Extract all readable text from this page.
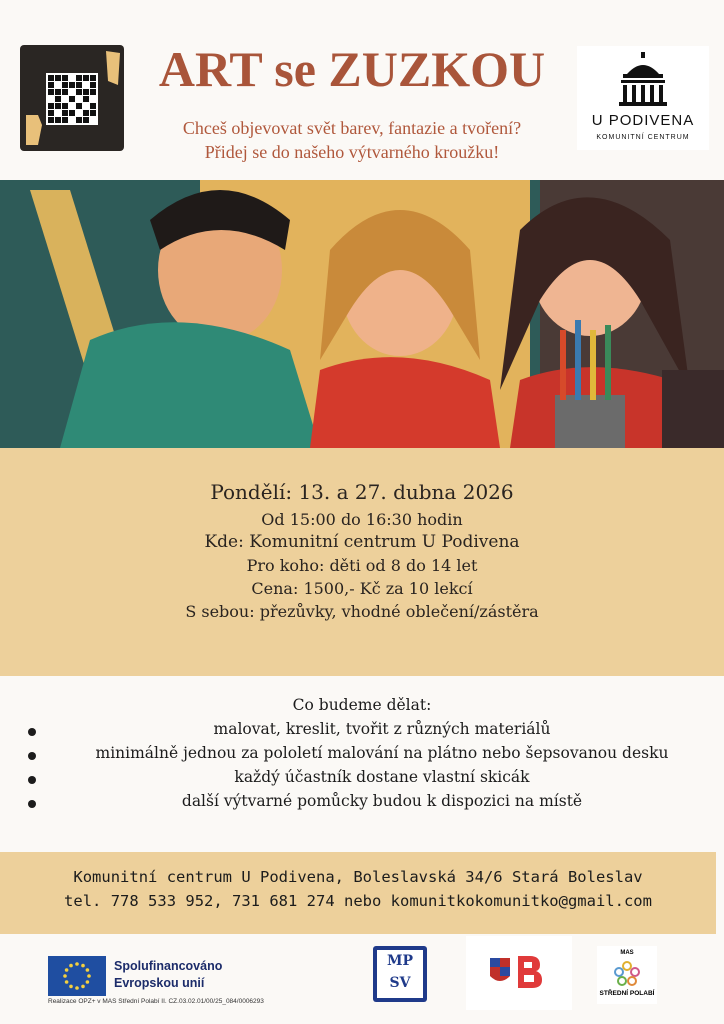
ART se ZUZKOU
Chceš objevovat svět barev, fantazie a tvoření?
Přidej se do našeho výtvarného kroužku!
U PODIVENA
KOMUNITNÍ CENTRUM
Pondělí: 13. a 27. dubna 2026
Od 15:00 do 16:30 hodin
Kde: Komunitní centrum U Podivena
Pro koho: děti od 8 do 14 let
Cena: 1500,- Kč za 10 lekcí
S sebou: přezůvky, vhodné oblečení/zástěra
Co budeme dělat:
malovat, kreslit, tvořit z různých materiálů
minimálně jednou za pololetí malování na plátno nebo šepsovanou desku
každý účastník dostane vlastní skicák
další výtvarné pomůcky budou k dispozici na místě
Komunitní centrum U Podivena, Boleslavská 34/6 Stará Boleslav
tel. 778 533 952, 731 681 274 nebo komunitkokomunitko@gmail.com
Spolufinancováno
Evropskou unií
Realizace OPZ+ v MAS Střední Polabí II. CZ.03.02.01/00/25_084/0006293
MP
SV
MAS
STŘEDNÍ POLABÍ
